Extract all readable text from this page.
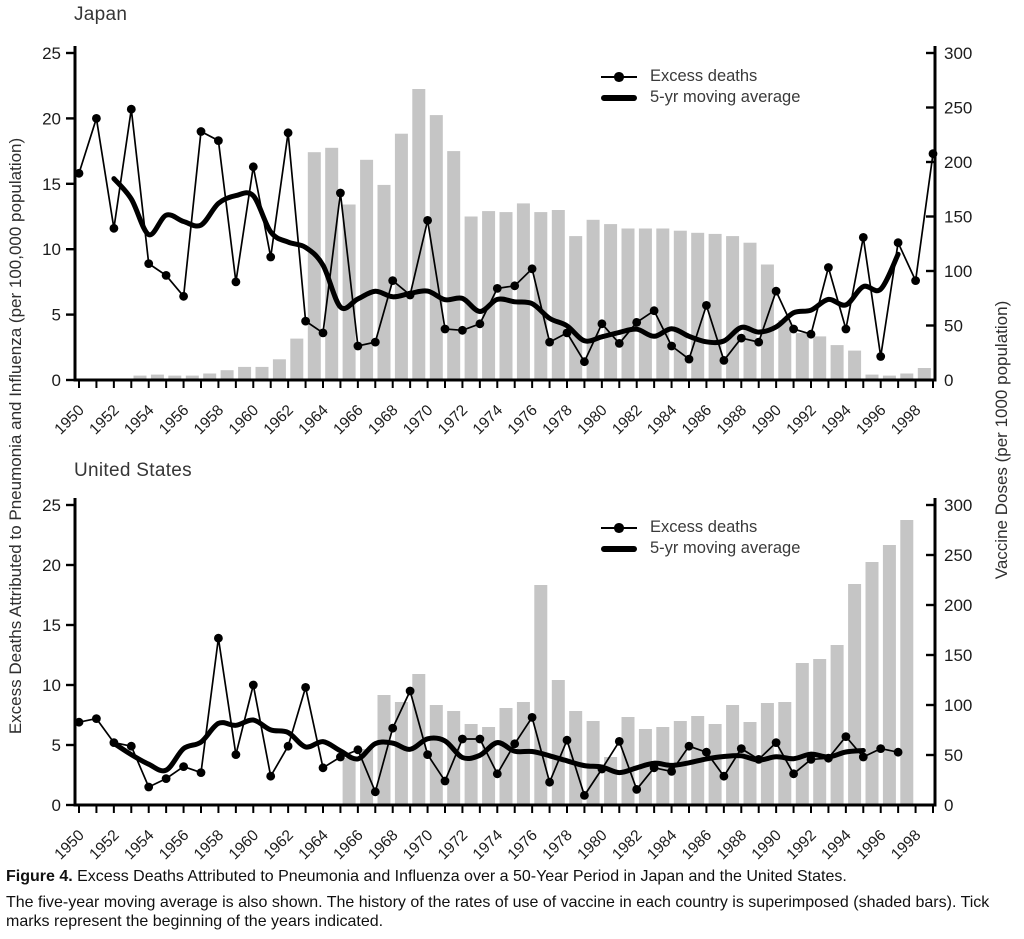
Japan
United States
Excess Deaths Attributed to Pneumonia and Influenza (per 100,000 population)	Vaccine Doses (per 1000 population)
0
5
10
15
20
25
0
50
100
150
200
250
300
1950
1952
1954
1956
1958
1960
1962
1964
1966
1968
1970
1972
1974
1976
1978
1980
1982
1984
1986
1988
1990
1992
1994
1996
1998
0
5
10
15
20
25
0
50
100
150
200
250
300
1950
1952
1954
1956
1958
1960
1962
1964
1966
1968
1970
1972
1974
1976
1978
1980
1982
1984
1986
1988
1990
1992
1994
1996
1998
Excess deaths
5-yr moving average
Excess deaths
5-yr moving average

Figure 4. Excess Deaths Attributed to Pneumonia and Influenza over a 50-Year Period in Japan and the United States.

The five-year moving average is also shown. The history of the rates of use of vaccine in each country is superimposed (shaded bars). Tick marks represent the beginning of the years indicated.
